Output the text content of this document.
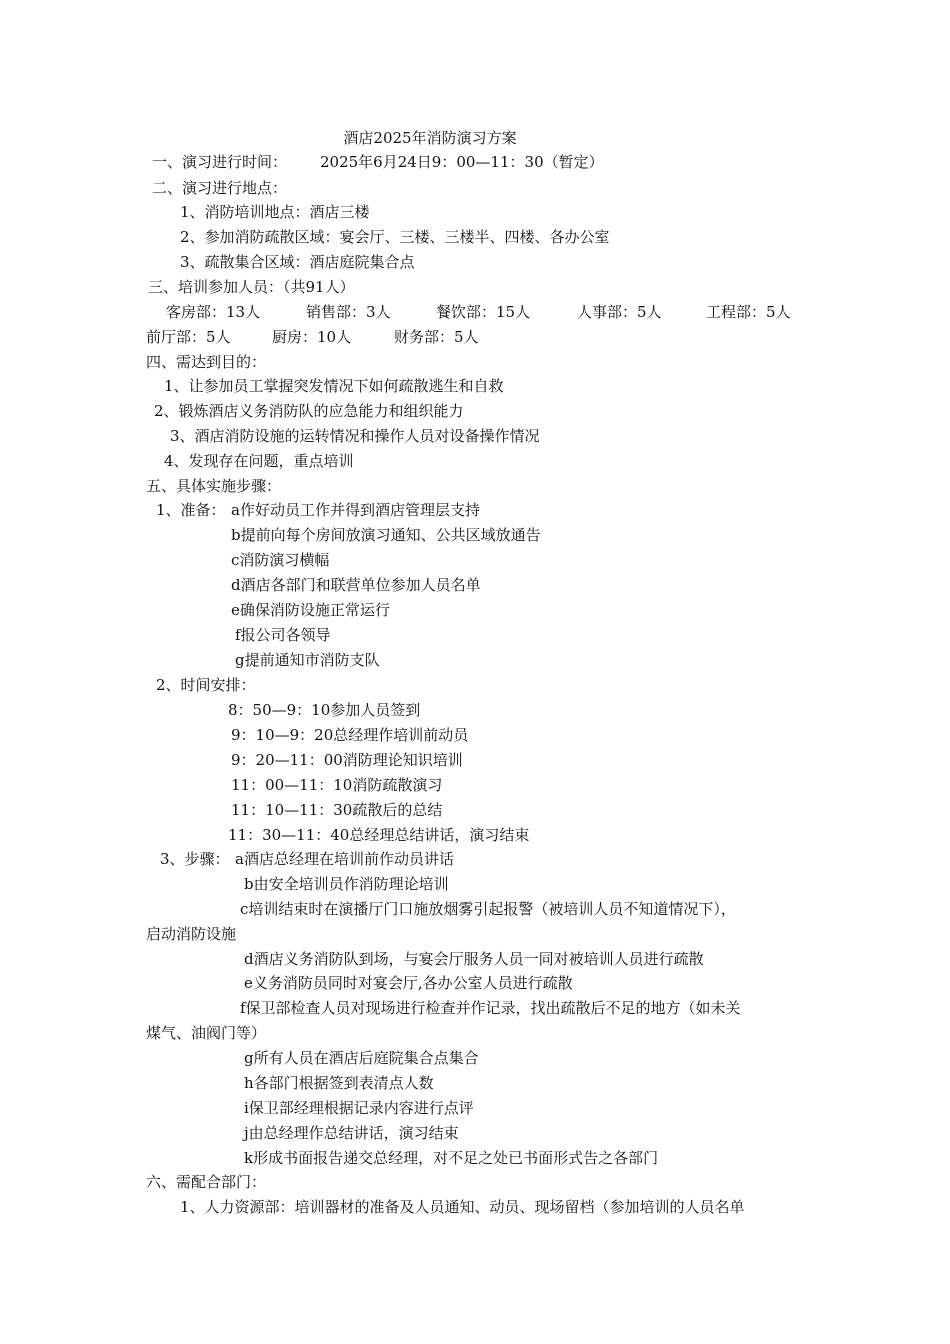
酒店2025年消防演习方案
一、演习进行时间： 2025年6月24日9：00—11：30（暂定）
二、演习进行地点：
1、消防培训地点：酒店三楼
2、参加消防疏散区域：宴会厅、三楼、三楼半、四楼、各办公室
3、疏散集合区域：酒店庭院集合点
三、培训参加人员：（共91人）
客房部：13人	销售部：3人	餐饮部：15人	人事部：5人	工程部：5人
前厅部：5人	厨房：10人	财务部：5人
四、需达到目的：
1、让参加员工掌握突发情况下如何疏散逃生和自救
2、锻炼酒店义务消防队的应急能力和组织能力
3、酒店消防设施的运转情况和操作人员对设备操作情况
4、发现存在问题，重点培训
五、具体实施步骤：
1、准备： a作好动员工作并得到酒店管理层支持
b提前向每个房间放演习通知、公共区域放通告
c消防演习横幅
d酒店各部门和联营单位参加人员名单
e确保消防设施正常运行
f报公司各领导
g提前通知市消防支队
2、时间安排：
8：50—9：10参加人员签到
9：10—9：20总经理作培训前动员
9：20—11：00消防理论知识培训
11：00—11：10消防疏散演习
11：10—11：30疏散后的总结
11：30—11：40总经理总结讲话，演习结束
3、步骤： a酒店总经理在培训前作动员讲话
b由安全培训员作消防理论培训
c培训结束时在演播厅门口施放烟雾引起报警（被培训人员不知道情况下），
启动消防设施
d酒店义务消防队到场，与宴会厅服务人员一同对被培训人员进行疏散
e义务消防员同时对宴会厅,各办公室人员进行疏散
f保卫部检查人员对现场进行检查并作记录，找出疏散后不足的地方（如未关
煤气、油阀门等）
g所有人员在酒店后庭院集合点集合
h各部门根据签到表清点人数
i保卫部经理根据记录内容进行点评
j由总经理作总结讲话，演习结束
k形成书面报告递交总经理，对不足之处已书面形式告之各部门
六、需配合部门：
1、人力资源部：培训器材的准备及人员通知、动员、现场留档（参加培训的人员名单
